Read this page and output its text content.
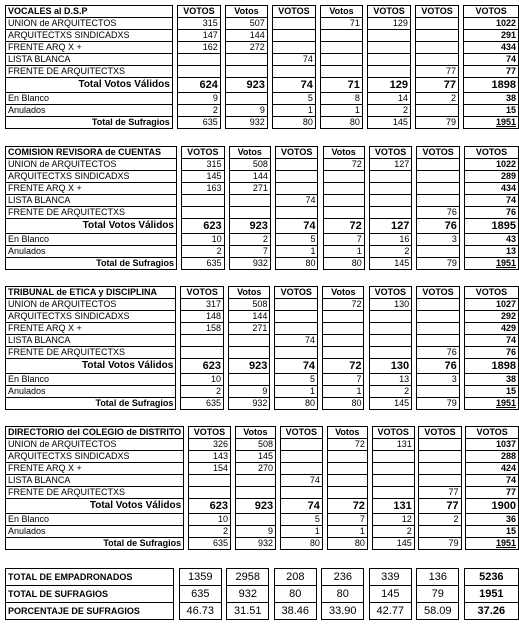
VOCALES al D.S.P		VOTOS		Votos		VOTOS		Votos		VOTOS		VOTOS		VOTOS
UNION de ARQUITECTOS		315		507				71		129				1022
ARQUITECTXS SINDICADXS		147		144										291
FRENTE ARQ X +		162		272										434
LISTA BLANCA						74								74
FRENTE DE ARQUITECTXS												77		77
Total Votos Válidos		624		923		74		71		129		77		1898
En Blanco		9				5		8		14		2		38
Anulados		2		9		1		1		2				15
Total de Sufragios		635		932		80		80		145		79		1951
COMISION REVISORA de CUENTAS		VOTOS		Votos		VOTOS		Votos		VOTOS		VOTOS		VOTOS
UNION de ARQUITECTOS		315		508				72		127				1022
ARQUITECTXS SINDICADXS		145		144										289
FRENTE ARQ X +		163		271										434
LISTA BLANCA						74								74
FRENTE DE ARQUITECTXS												76		76
Total Votos Válidos		623		923		74		72		127		76		1895
En Blanco		10		2		5		7		16		3		43
Anulados		2		7		1		1		2				13
Total de Sufragios		635		932		80		80		145		79		1951
TRIBUNAL de ETICA y DISCIPLINA		VOTOS		Votos		VOTOS		Votos		VOTOS		VOTOS		VOTOS
UNION de ARQUITECTOS		317		508				72		130				1027
ARQUITECTXS SINDICADXS		148		144										292
FRENTE ARQ X +		158		271										429
LISTA BLANCA						74								74
FRENTE DE ARQUITECTXS												76		76
Total Votos Válidos		623		923		74		72		130		76		1898
En Blanco		10				5		7		13		3		38
Anulados		2		9		1		1		2				15
Total de Sufragios		635		932		80		80		145		79		1951
DIRECTORIO del COLEGIO de DISTRITO		VOTOS		Votos		VOTOS		Votos		VOTOS		VOTOS		VOTOS
UNION de ARQUITECTOS		326		508				72		131				1037
ARQUITECTXS SINDICADXS		143		145										288
FRENTE ARQ X +		154		270										424
LISTA BLANCA						74								74
FRENTE DE ARQUITECTXS												77		77
Total Votos Válidos		623		923		74		72		131		77		1900
En Blanco		10				5		7		12		2		36
Anulados		2		9		1		1		2				15
Total de Sufragios		635		932		80		80		145		79		1951
TOTAL DE EMPADRONADOS		1359		2958		208		236		339		136		5236
TOTAL DE SUFRAGIOS		635		932		80		80		145		79		1951
PORCENTAJE DE SUFRAGIOS		46.73		31.51		38.46		33.90		42.77		58.09		37.26
